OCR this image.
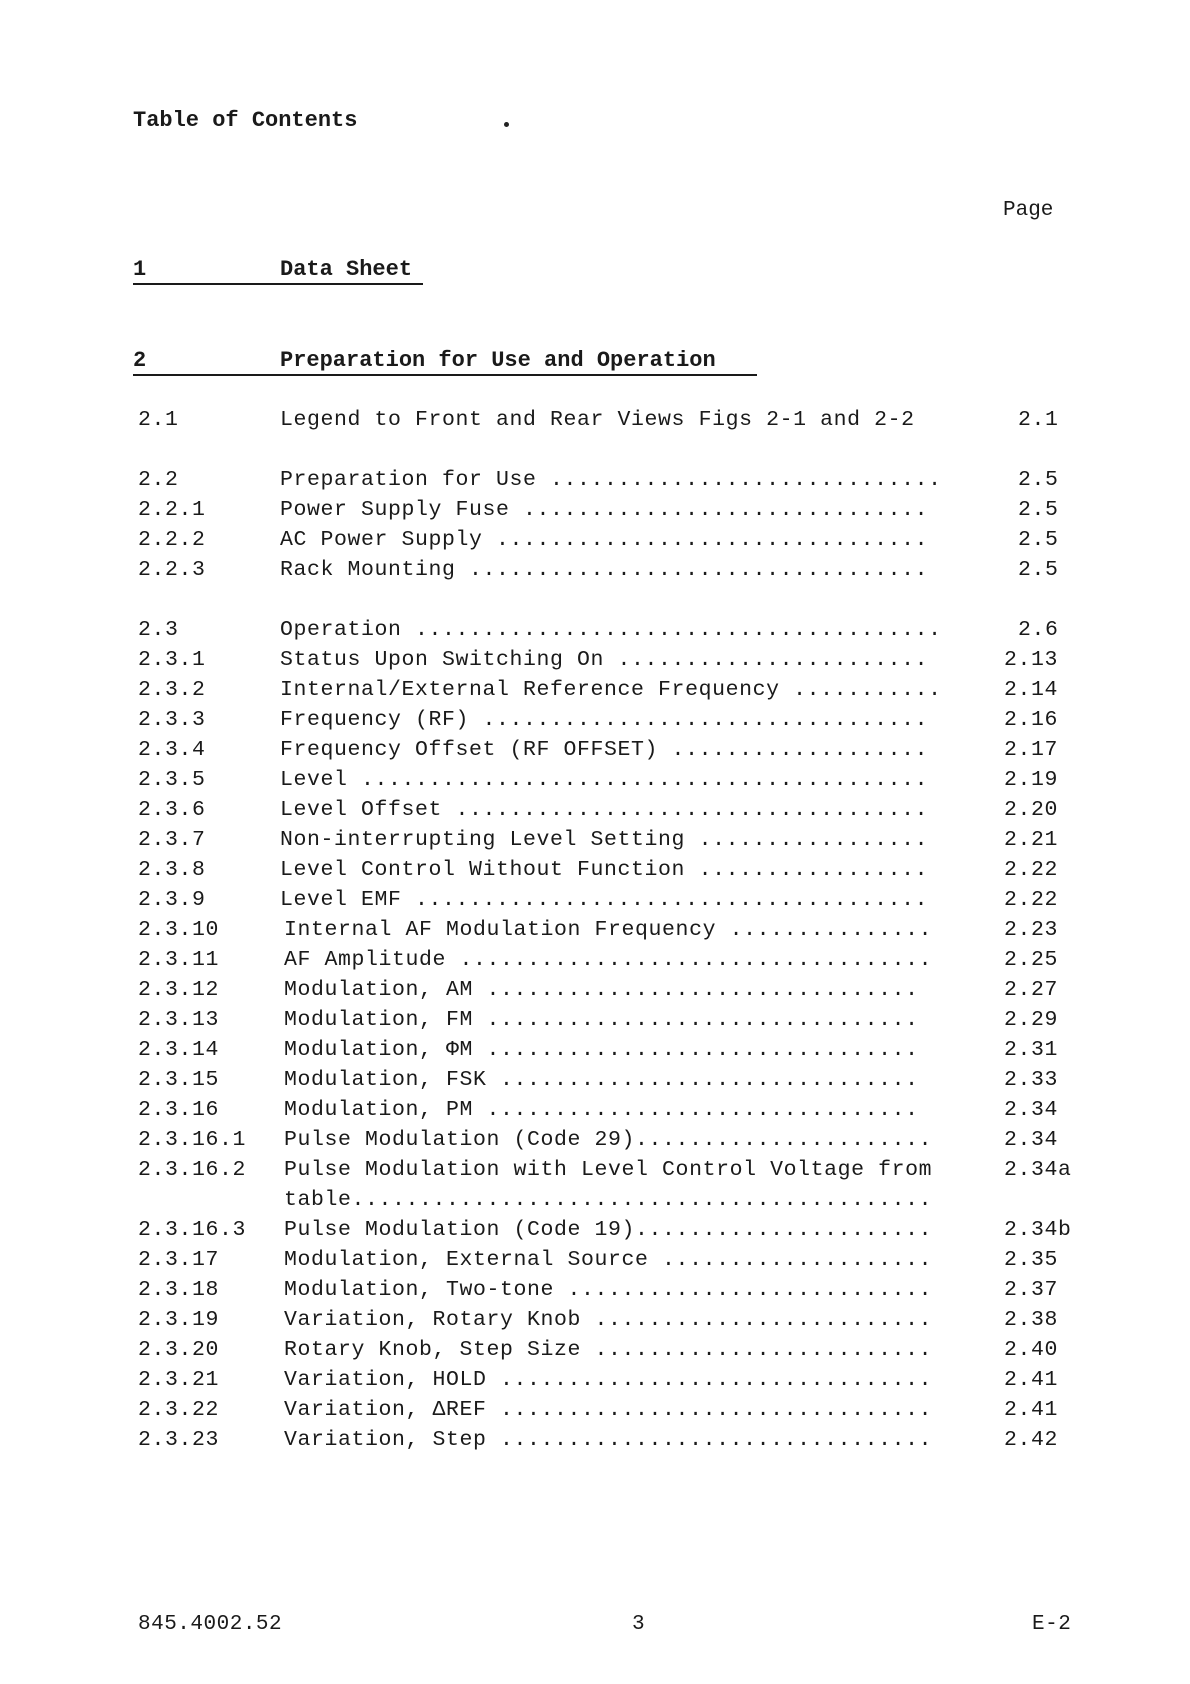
Table of Contents
Page
1	Data Sheet
2	Preparation for Use and Operation
2.1	Legend to Front and Rear Views Figs 2-1 and 2-2	2.1
2.2	Preparation for Use .............................	2.5
2.2.1	Power Supply Fuse ..............................	2.5
2.2.2	AC Power Supply ................................	2.5
2.2.3	Rack Mounting ..................................	2.5
2.3	Operation .......................................	2.6
2.3.1	Status Upon Switching On .......................	2.13
2.3.2	Internal/External Reference Frequency ...........	2.14
2.3.3	Frequency (RF) .................................	2.16
2.3.4	Frequency Offset (RF OFFSET) ...................	2.17
2.3.5	Level ..........................................	2.19
2.3.6	Level Offset ...................................	2.20
2.3.7	Non-interrupting Level Setting .................	2.21
2.3.8	Level Control Without Function .................	2.22
2.3.9	Level EMF ......................................	2.22
2.3.10	Internal AF Modulation Frequency ...............	2.23
2.3.11	AF Amplitude ...................................	2.25
2.3.12	Modulation, AM ................................	2.27
2.3.13	Modulation, FM ................................	2.29
2.3.14	Modulation, ΦM ................................	2.31
2.3.15	Modulation, FSK ...............................	2.33
2.3.16	Modulation, PM ................................	2.34
2.3.16.1 Pulse Modulation (Code 29)......................	2.34
2.3.16.2 Pulse Modulation with Level Control Voltage from	2.34a
table...........................................
2.3.16.3 Pulse Modulation (Code 19)......................	2.34b
2.3.17	Modulation, External Source ....................	2.35
2.3.18	Modulation, Two-tone ...........................	2.37
2.3.19	Variation, Rotary Knob .........................	2.38
2.3.20	Rotary Knob, Step Size .........................	2.40
2.3.21	Variation, HOLD ................................	2.41
2.3.22	Variation, ΔREF ................................	2.41
2.3.23	Variation, Step ................................	2.42
845.4002.52	3	E-2
